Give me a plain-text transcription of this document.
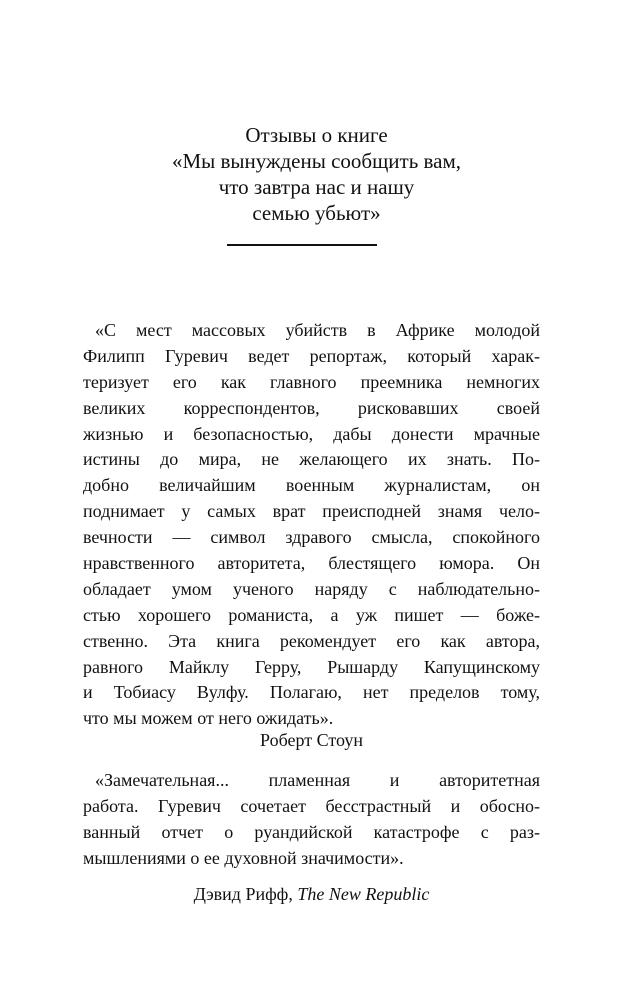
Отзывы о книге
«Мы вынуждены сообщить вам,
что завтра нас и нашу
семью убьют»
«С мест массовых убийств в Африке молодой
Филипп Гуревич ведет репортаж, который харак-
теризует его как главного преемника немногих
великих корреспондентов, рисковавших своей
жизнью и безопасностью, дабы донести мрачные
истины до мира, не желающего их знать. По-
добно величайшим военным журналистам, он
поднимает у самых врат преисподней знамя чело-
вечности — символ здравого смысла, спокойного
нравственного авторитета, блестящего юмора. Он
обладает умом ученого наряду с наблюдательно-
стью хорошего романиста, а уж пишет — боже-
ственно. Эта книга рекомендует его как автора,
равного Майклу Герру, Рышарду Капущинскому
и Тобиасу Вулфу. Полагаю, нет пределов тому,
что мы можем от него ожидать».
Роберт Стоун
«Замечательная... пламенная и авторитетная
работа. Гуревич сочетает бесстрастный и обосно-
ванный отчет о руандийской катастрофе с раз-
мышлениями о ее духовной значимости».
Дэвид Рифф, The New Republic
